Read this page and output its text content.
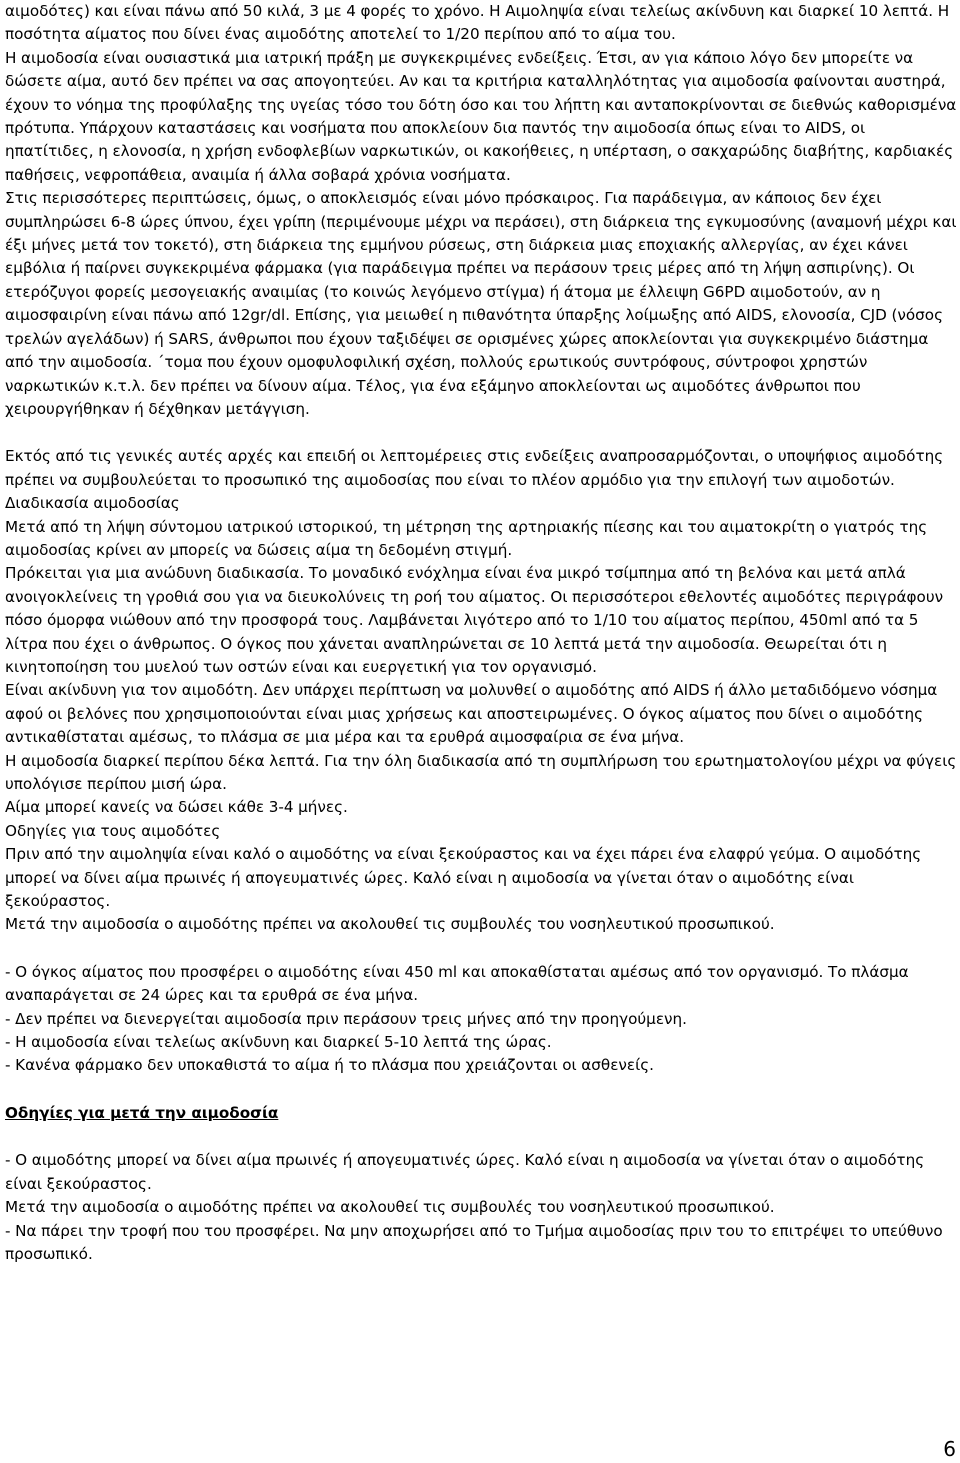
αιμοδότες) και είναι πάνω από 50 κιλά, 3 με 4 φορές το χρόνο. Η Αιμοληψία είναι τελείως ακίνδυνη και διαρκεί 10 λεπτά. Η ποσότητα αίματος που δίνει ένας αιμοδότης αποτελεί το 1/20 περίπου από το αίμα του.

Η αιμοδοσία είναι ουσιαστικά μια ιατρική πράξη με συγκεκριμένες ενδείξεις. Έτσι, αν για κάποιο λόγο δεν μπορείτε να δώσετε αίμα, αυτό δεν πρέπει να σας απογοητεύει. Αν και τα κριτήρια καταλληλότητας για αιμοδοσία φαίνονται αυστηρά, έχουν το νόημα της προφύλαξης της υγείας τόσο του δότη όσο και του λήπτη και ανταποκρίνονται σε διεθνώς καθορισμένα πρότυπα. Υπάρχουν καταστάσεις και νοσήματα που αποκλείουν δια παντός την αιμοδοσία όπως είναι το AIDS, οι ηπατίτιδες, η ελονοσία, η χρήση ενδοφλεβίων ναρκωτικών, οι κακοήθειες, η υπέρταση, ο σακχαρώδης διαβήτης, καρδιακές παθήσεις, νεφροπάθεια, αναιμία ή άλλα σοβαρά χρόνια νοσήματα.

Στις περισσότερες περιπτώσεις, όμως, ο αποκλεισμός είναι μόνο πρόσκαιρος. Για παράδειγμα, αν κάποιος δεν έχει συμπληρώσει 6-8 ώρες ύπνου, έχει γρίπη (περιμένουμε μέχρι να περάσει), στη διάρκεια της εγκυμοσύνης (αναμονή μέχρι και έξι μήνες μετά τον τοκετό), στη διάρκεια της εμμήνου ρύσεως, στη διάρκεια μιας εποχιακής αλλεργίας, αν έχει κάνει εμβόλια ή παίρνει συγκεκριμένα φάρμακα (για παράδειγμα πρέπει να περάσουν τρεις μέρες από τη λήψη ασπιρίνης). Οι ετερόζυγοι φορείς μεσογειακής αναιμίας (το κοινώς λεγόμενο στίγμα) ή άτομα με έλλειψη G6PD αιμοδοτούν, αν η αιμοσφαιρίνη είναι πάνω από 12gr/dl. Επίσης, για μειωθεί η πιθανότητα ύπαρξης λοίμωξης από AIDS, ελονοσία, CJD (νόσος τρελών αγελάδων) ή SARS, άνθρωποι που έχουν ταξιδέψει σε ορισμένες χώρες αποκλείονται για συγκεκριμένο διάστημα από την αιμοδοσία. ΄τομα που έχουν ομοφυλοφιλική σχέση, πολλούς ερωτικούς συντρόφους, σύντροφοι χρηστών ναρκωτικών κ.τ.λ. δεν πρέπει να δίνουν αίμα. Τέλος, για ένα εξάμηνο αποκλείονται ως αιμοδότες άνθρωποι που χειρουργήθηκαν ή δέχθηκαν μετάγγιση.

Εκτός από τις γενικές αυτές αρχές και επειδή οι λεπτομέρειες στις ενδείξεις αναπροσαρμόζονται, ο υποψήφιος αιμοδότης πρέπει να συμβουλεύεται το προσωπικό της αιμοδοσίας που είναι το πλέον αρμόδιο για την επιλογή των αιμοδοτών.

Διαδικασία αιμοδοσίας

Μετά από τη λήψη σύντομου ιατρικού ιστορικού, τη μέτρηση της αρτηριακής πίεσης και του αιματοκρίτη ο γιατρός της αιμοδοσίας κρίνει αν μπορείς να δώσεις αίμα τη δεδομένη στιγμή.

Πρόκειται για μια ανώδυνη διαδικασία. Το μοναδικό ενόχλημα είναι ένα μικρό τσίμπημα από τη βελόνα και μετά απλά ανοιγοκλείνεις τη γροθιά σου για να διευκολύνεις τη ροή του αίματος. Οι περισσότεροι εθελοντές αιμοδότες περιγράφουν πόσο όμορφα νιώθουν από την προσφορά τους. Λαμβάνεται λιγότερο από το 1/10 του αίματος περίπου, 450ml από τα 5 λίτρα που έχει ο άνθρωπος. Ο όγκος που χάνεται αναπληρώνεται σε 10 λεπτά μετά την αιμοδοσία. Θεωρείται ότι η κινητοποίηση του μυελού των οστών είναι και ευεργετική για τον οργανισμό.

Είναι ακίνδυνη για τον αιμοδότη. Δεν υπάρχει περίπτωση να μολυνθεί ο αιμοδότης από AIDS ή άλλο μεταδιδόμενο νόσημα αφού οι βελόνες που χρησιμοποιούνται είναι μιας χρήσεως και αποστειρωμένες. Ο όγκος αίματος που δίνει ο αιμοδότης αντικαθίσταται αμέσως, το πλάσμα σε μια μέρα και τα ερυθρά αιμοσφαίρια σε ένα μήνα.

Η αιμοδοσία διαρκεί περίπου δέκα λεπτά. Για την όλη διαδικασία από τη συμπλήρωση του ερωτηματολογίου μέχρι να φύγεις υπολόγισε περίπου μισή ώρα.

Αίμα μπορεί κανείς να δώσει κάθε 3-4 μήνες.

Οδηγίες για τους αιμοδότες

Πριν από την αιμοληψία είναι καλό ο αιμοδότης να είναι ξεκούραστος και να έχει πάρει ένα ελαφρύ γεύμα. Ο αιμοδότης μπορεί να δίνει αίμα πρωινές ή απογευματινές ώρες. Καλό είναι η αιμοδοσία να γίνεται όταν ο αιμοδότης είναι ξεκούραστος.

Μετά την αιμοδοσία ο αιμοδότης πρέπει να ακολουθεί τις συμβουλές του νοσηλευτικού προσωπικού.

- Ο όγκος αίματος που προσφέρει ο αιμοδότης είναι 450 ml και αποκαθίσταται αμέσως από τον οργανισμό. Το πλάσμα αναπαράγεται σε 24 ώρες και τα ερυθρά σε ένα μήνα.

- Δεν πρέπει να διενεργείται αιμοδοσία πριν περάσουν τρεις μήνες από την προηγούμενη.

- Η αιμοδοσία είναι τελείως ακίνδυνη και διαρκεί 5-10 λεπτά της ώρας.

- Κανένα φάρμακο δεν υποκαθιστά το αίμα ή το πλάσμα που χρειάζονται οι ασθενείς.

Οδηγίες για μετά την αιμοδοσία

- Ο αιμοδότης μπορεί να δίνει αίμα πρωινές ή απογευματινές ώρες. Καλό είναι η αιμοδοσία να γίνεται όταν ο αιμοδότης είναι ξεκούραστος.

Μετά την αιμοδοσία ο αιμοδότης πρέπει να ακολουθεί τις συμβουλές του νοσηλευτικού προσωπικού.

- Να πάρει την τροφή που του προσφέρει. Να μην αποχωρήσει από το Τμήμα αιμοδοσίας πριν του το επιτρέψει το υπεύθυνο προσωπικό.

6
